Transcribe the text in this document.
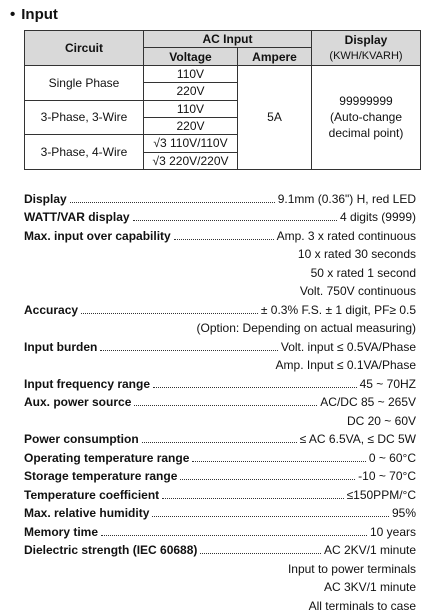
• Input
Circuit	AC Input		Display
(KWH/KVARH)

	Voltage	Ampere	
Single Phase	110V	5A	99999999
(Auto-change
decimal point)

	220V		
3-Phase, 3-Wire	110V		
	220V		
3-Phase, 4-Wire	√3 110V/110V		
	√3 220V/220V		
Display	9.1mm (0.36") H, red LED
WATT/VAR display	4 digits (9999)
Max. input over capability	Amp. 3 x rated continuous
10 x rated 30 seconds
50 x rated 1 second
Volt. 750V continuous
Accuracy	± 0.3% F.S. ± 1 digit, PF≥ 0.5
(Option: Depending on actual measuring)
Input burden	Volt. input ≤ 0.5VA/Phase
Amp. Input ≤ 0.1VA/Phase
Input frequency range	45 ~ 70HZ
Aux. power source	AC/DC 85 ~ 265V
DC 20 ~ 60V
Power consumption	≤ AC 6.5VA, ≤ DC 5W
Operating temperature range	0 ~ 60°C
Storage temperature range	-10 ~ 70°C
Temperature coefficient	≤150PPM/°C
Max. relative humidity	95%
Memory time	10 years
Dielectric strength (IEC 60688)	AC 2KV/1 minute
Input to power terminals
AC 3KV/1 minute
All terminals to case
